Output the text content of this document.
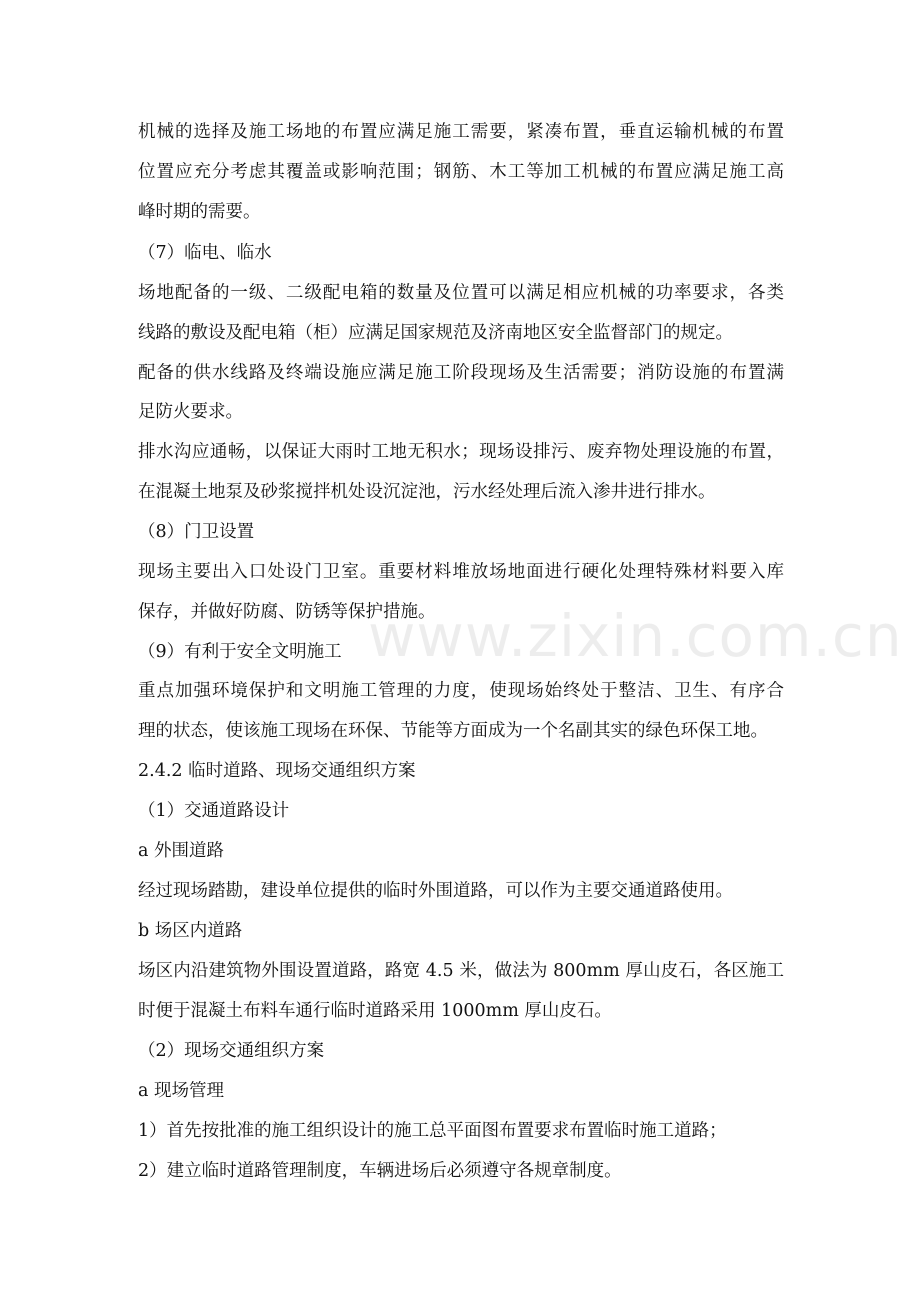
www.zixin.com.cn
机械的选择及施工场地的布置应满足施工需要，紧凑布置，垂直运输机械的布置
位置应充分考虑其覆盖或影响范围；钢筋、木工等加工机械的布置应满足施工高
峰时期的需要。
（7）临电、临水
场地配备的一级、二级配电箱的数量及位置可以满足相应机械的功率要求，各类
线路的敷设及配电箱（柜）应满足国家规范及济南地区安全监督部门的规定。
配备的供水线路及终端设施应满足施工阶段现场及生活需要；消防设施的布置满
足防火要求。
排水沟应通畅，以保证大雨时工地无积水；现场设排污、废弃物处理设施的布置，
在混凝土地泵及砂浆搅拌机处设沉淀池，污水经处理后流入渗井进行排水。
（8）门卫设置
现场主要出入口处设门卫室。重要材料堆放场地面进行硬化处理特殊材料要入库
保存，并做好防腐、防锈等保护措施。
（9）有利于安全文明施工
重点加强环境保护和文明施工管理的力度，使现场始终处于整洁、卫生、有序合
理的状态，使该施工现场在环保、节能等方面成为一个名副其实的绿色环保工地。
2.4.2 临时道路、现场交通组织方案
（1）交通道路设计
a 外围道路
经过现场踏勘，建设单位提供的临时外围道路，可以作为主要交通道路使用。
b 场区内道路
场区内沿建筑物外围设置道路，路宽 4.5 米，做法为 800mm 厚山皮石，各区施工
时便于混凝土布料车通行临时道路采用 1000mm 厚山皮石。
（2）现场交通组织方案
a 现场管理
1）首先按批准的施工组织设计的施工总平面图布置要求布置临时施工道路；
2）建立临时道路管理制度，车辆进场后必须遵守各规章制度。
